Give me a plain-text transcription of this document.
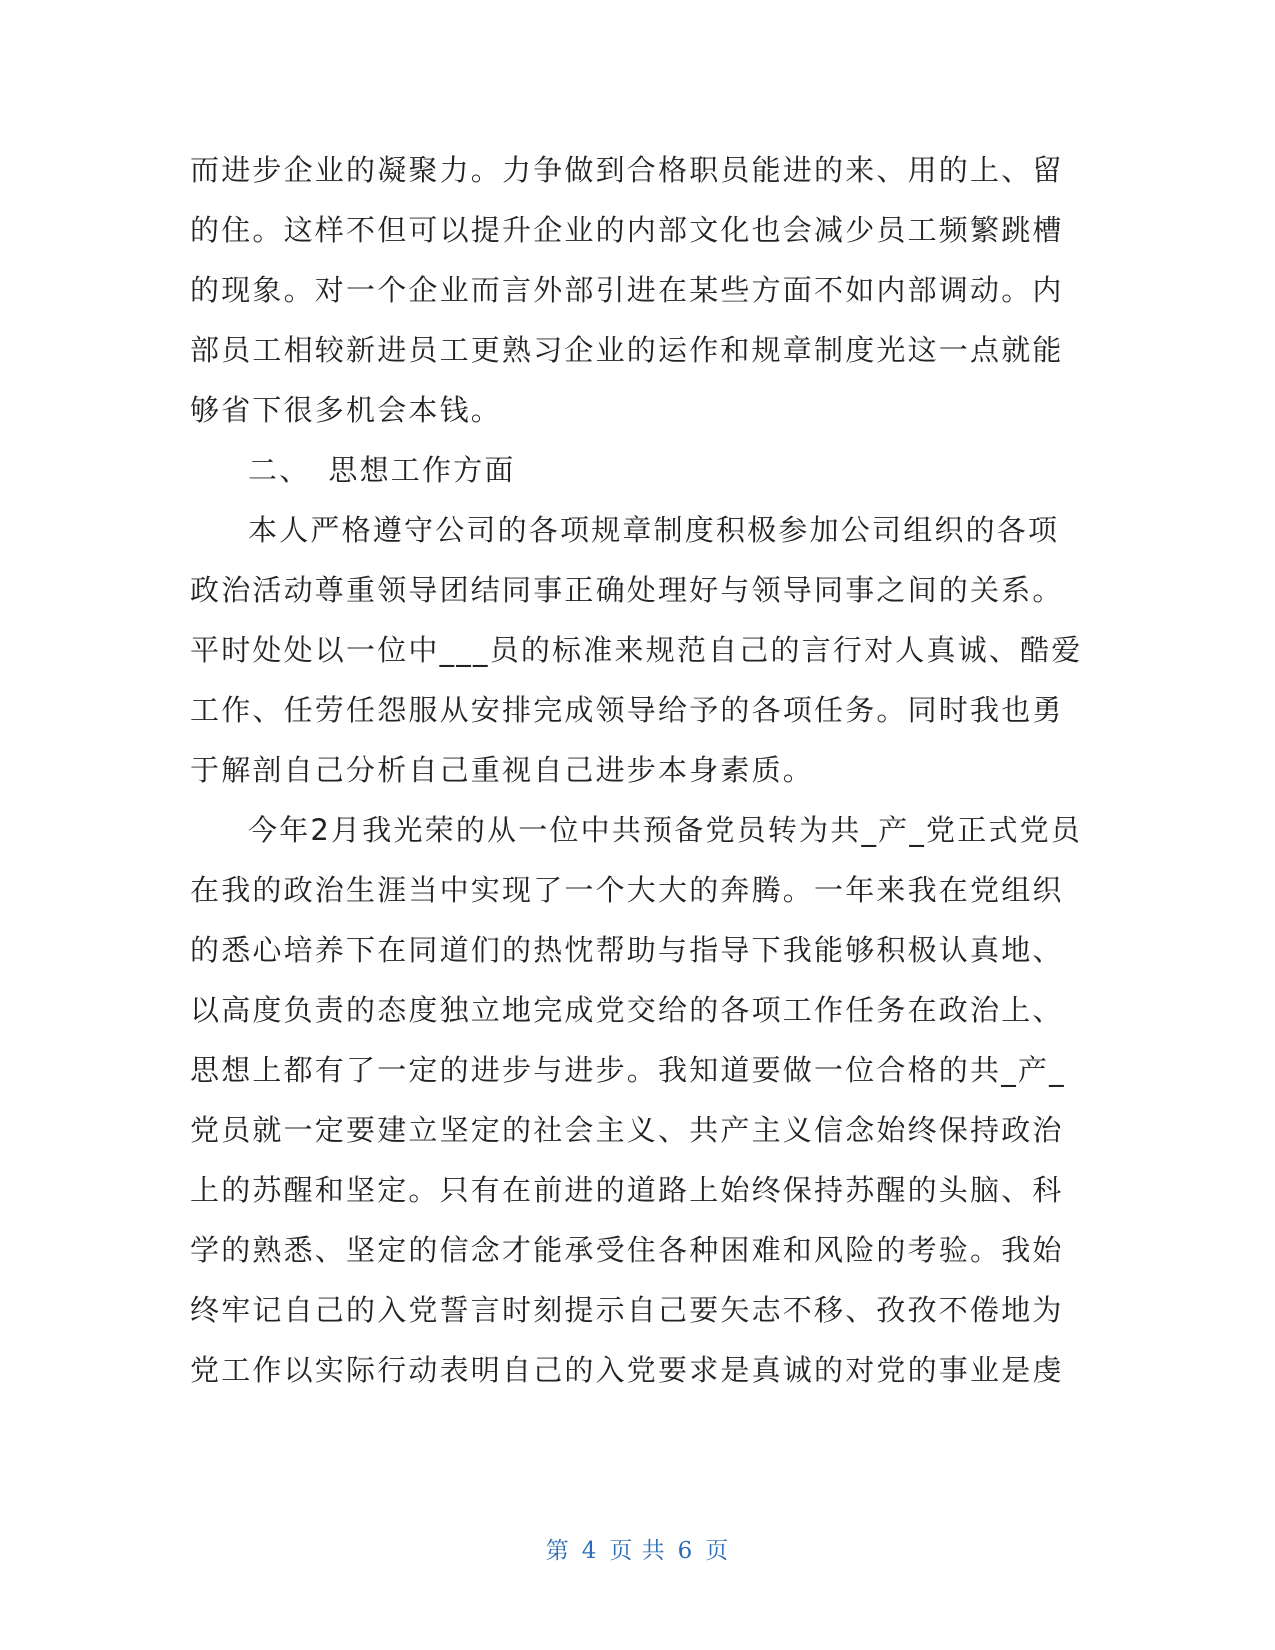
而进步企业的凝聚力。力争做到合格职员能进的来、用的上、留
的住。这样不但可以提升企业的内部文化也会减少员工频繁跳槽
的现象。对一个企业而言外部引进在某些方面不如内部调动。内
部员工相较新进员工更熟习企业的运作和规章制度光这一点就能
够省下很多机会本钱。
二、 思想工作方面
本人严格遵守公司的各项规章制度积极参加公司组织的各项
政治活动尊重领导团结同事正确处理好与领导同事之间的关系。
平时处处以一位中___员的标准来规范自己的言行对人真诚、酷爱
工作、任劳任怨服从安排完成领导给予的各项任务。同时我也勇
于解剖自己分析自己重视自己进步本身素质。
今年2月我光荣的从一位中共预备党员转为共_产_党正式党员
在我的政治生涯当中实现了一个大大的奔腾。一年来我在党组织
的悉心培养下在同道们的热忱帮助与指导下我能够积极认真地、
以高度负责的态度独立地完成党交给的各项工作任务在政治上、
思想上都有了一定的进步与进步。我知道要做一位合格的共_产_
党员就一定要建立坚定的社会主义、共产主义信念始终保持政治
上的苏醒和坚定。只有在前进的道路上始终保持苏醒的头脑、科
学的熟悉、坚定的信念才能承受住各种困难和风险的考验。我始
终牢记自己的入党誓言时刻提示自己要矢志不移、孜孜不倦地为
党工作以实际行动表明自己的入党要求是真诚的对党的事业是虔
第 4 页 共 6 页
